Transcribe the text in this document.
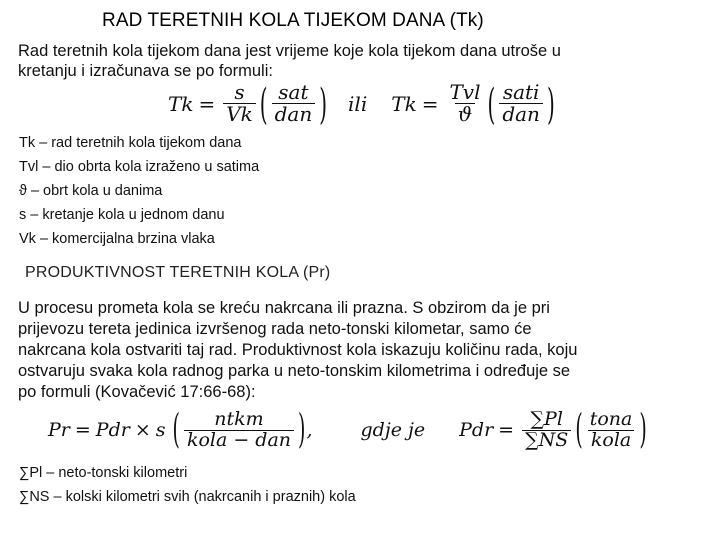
RAD TERETNIH KOLA TIJEKOM DANA (Tk)
Rad teretnih kola tijekom dana jest vrijeme koje kola tijekom dana utroše u
kretanju i izračunava se po formuli:
$Tk = \frac{s}{Vk}$ ( $\frac{\text{sat}}{\text{dan}}$ ) ili $Tk = \frac{\text{Tvl}}{ϑ}$ ( $\frac{\text{sati}}{\text{dan}}$ )
Tk – rad teretnih kola tijekom dana
Tvl – dio obrta kola izraženo u satima
ϑ – obrt kola u danima
s – kretanje kola u jednom danu
Vk – komercijalna brzina vlaka
PRODUKTIVNOST TERETNIH KOLA (Pr)
U procesu prometa kola se kreću nakrcana ili prazna. S obzirom da je pri
prijevozu tereta jedinica izvršenog rada neto-tonski kilometar, samo će
nakrcana kola ostvariti taj rad. Produktivnost kola iskazuju količinu rada, koju
ostvaruju svaka kola radnog parka u neto-tonskim kilometrima i određuje se
po formuli (Kovačević 17:66-68):
Pr = Pdr × s ( $\frac{\text{ntkm}}{\text{kola − dan}}$ ) ,	gdje je Pdr = $\frac{\sum Pl}{\sum NS}$ ( $\frac{\text{tona}}{\text{kola}}$ )
∑Pl – neto-tonski kilometri
∑NS – kolski kilometri svih (nakrcanih i praznih) kola
